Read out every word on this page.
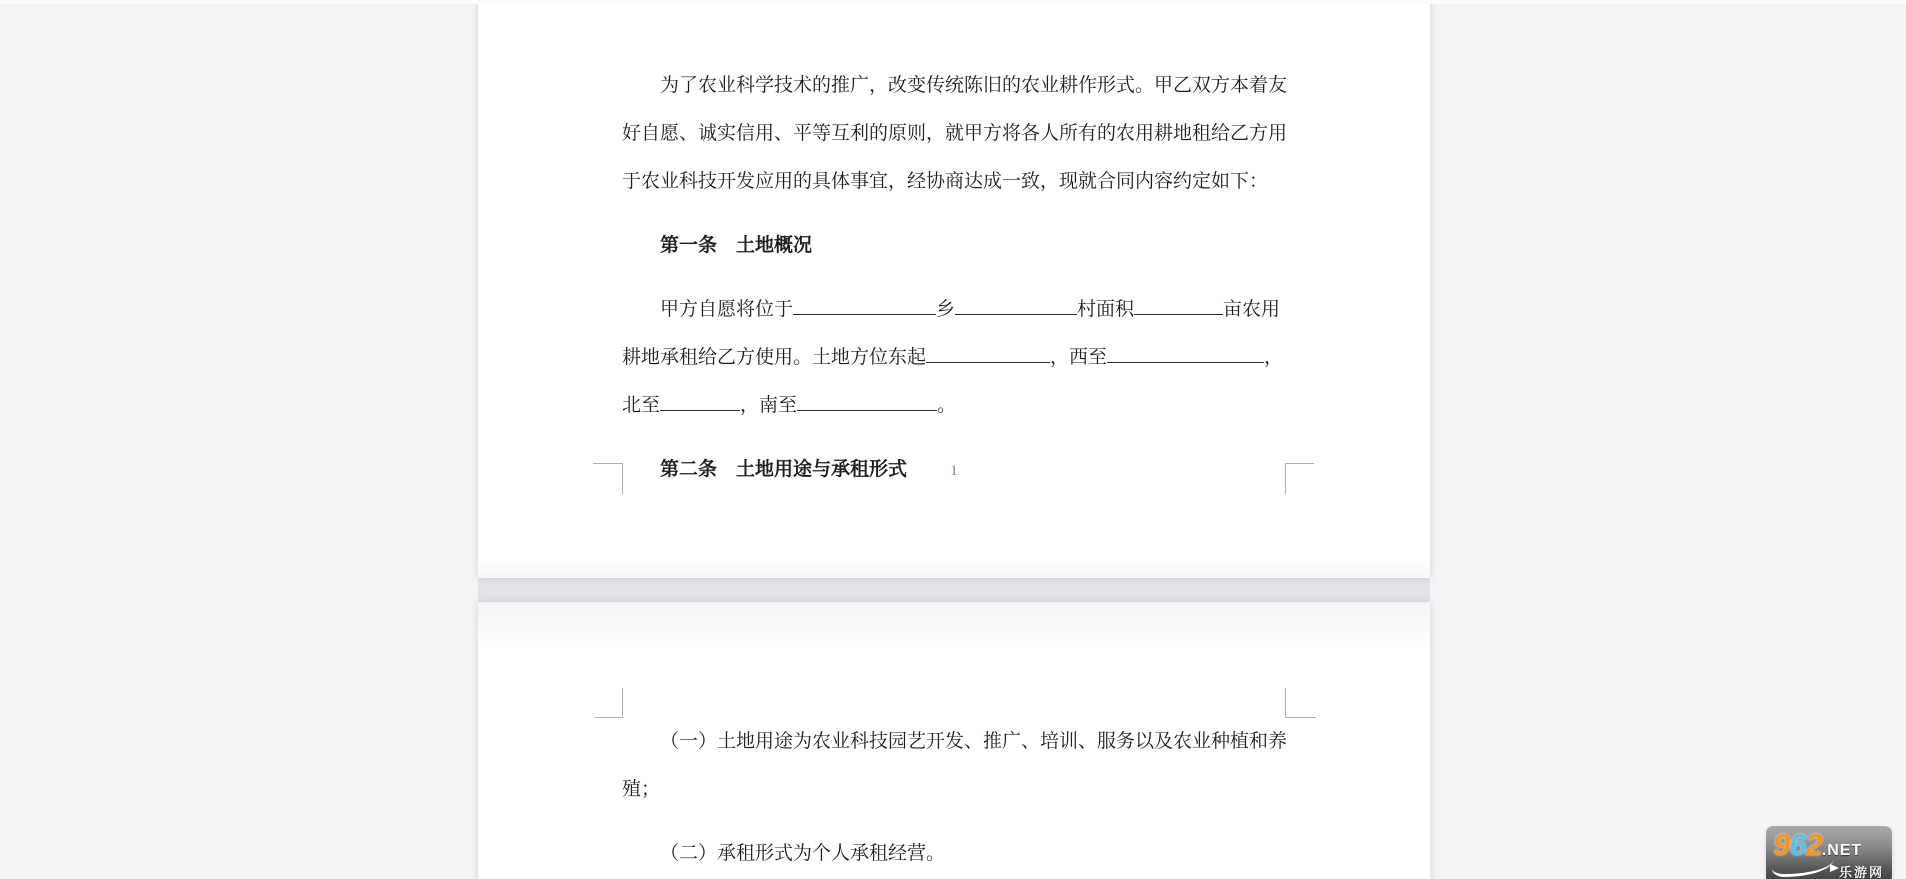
为了农业科学技术的推广，改变传统陈旧的农业耕作形式。甲乙双方本着友
好自愿、诚实信用、平等互利的原则，就甲方将各人所有的农用耕地租给乙方用
于农业科技开发应用的具体事宜，经协商达成一致，现就合同内容约定如下：
第一条　土地概况
甲方自愿将位于	乡	村面积	亩农用
耕地承租给乙方使用。土地方位东起	，西至	，
北至	，南至	。
第二条　土地用途与承租形式	1
（一）土地用途为农业科技园艺开发、推广、培训、服务以及农业种植和养
殖；
（二）承租形式为个人承租经营。	962.NET
乐游网
